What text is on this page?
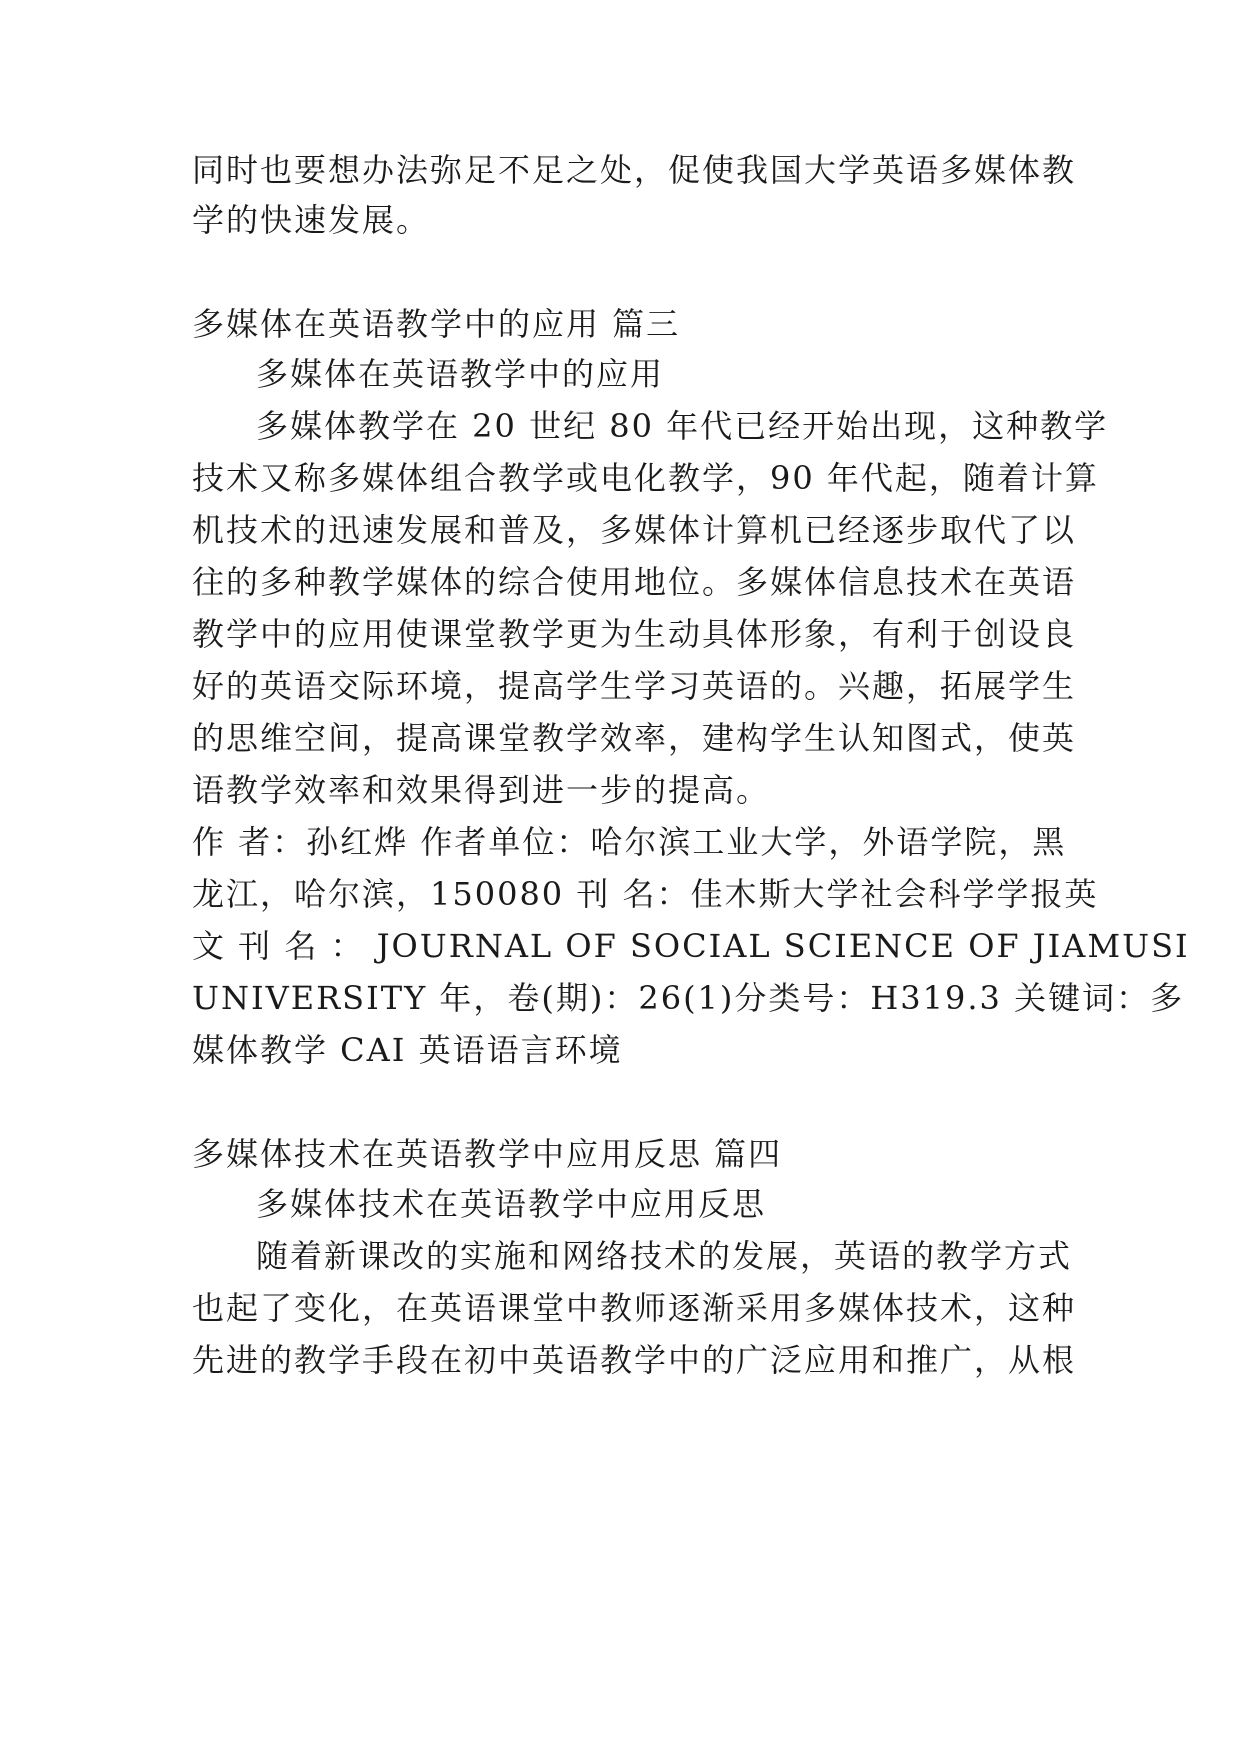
同时也要想办法弥足不足之处，促使我国大学英语多媒体教
学的快速发展。
多媒体在英语教学中的应用 篇三
多媒体在英语教学中的应用
多媒体教学在 20 世纪 80 年代已经开始出现，这种教学
技术又称多媒体组合教学或电化教学，90 年代起，随着计算
机技术的迅速发展和普及，多媒体计算机已经逐步取代了以
往的多种教学媒体的综合使用地位。多媒体信息技术在英语
教学中的应用使课堂教学更为生动具体形象，有利于创设良
好的英语交际环境，提高学生学习英语的。兴趣，拓展学生
的思维空间，提高课堂教学效率，建构学生认知图式，使英
语教学效率和效果得到进一步的提高。
作 者：孙红烨 作者单位：哈尔滨工业大学，外语学院，黑
龙江，哈尔滨，150080 刊 名：佳木斯大学社会科学学报英
文 刊 名 ： JOURNAL OF SOCIAL SCIENCE OF JIAMUSI
UNIVERSITY 年，卷(期)：26(1)分类号：H319.3 关键词：多
媒体教学 CAI 英语语言环境
多媒体技术在英语教学中应用反思 篇四
多媒体技术在英语教学中应用反思
随着新课改的实施和网络技术的发展，英语的教学方式
也起了变化，在英语课堂中教师逐渐采用多媒体技术，这种
先进的教学手段在初中英语教学中的广泛应用和推广，从根
